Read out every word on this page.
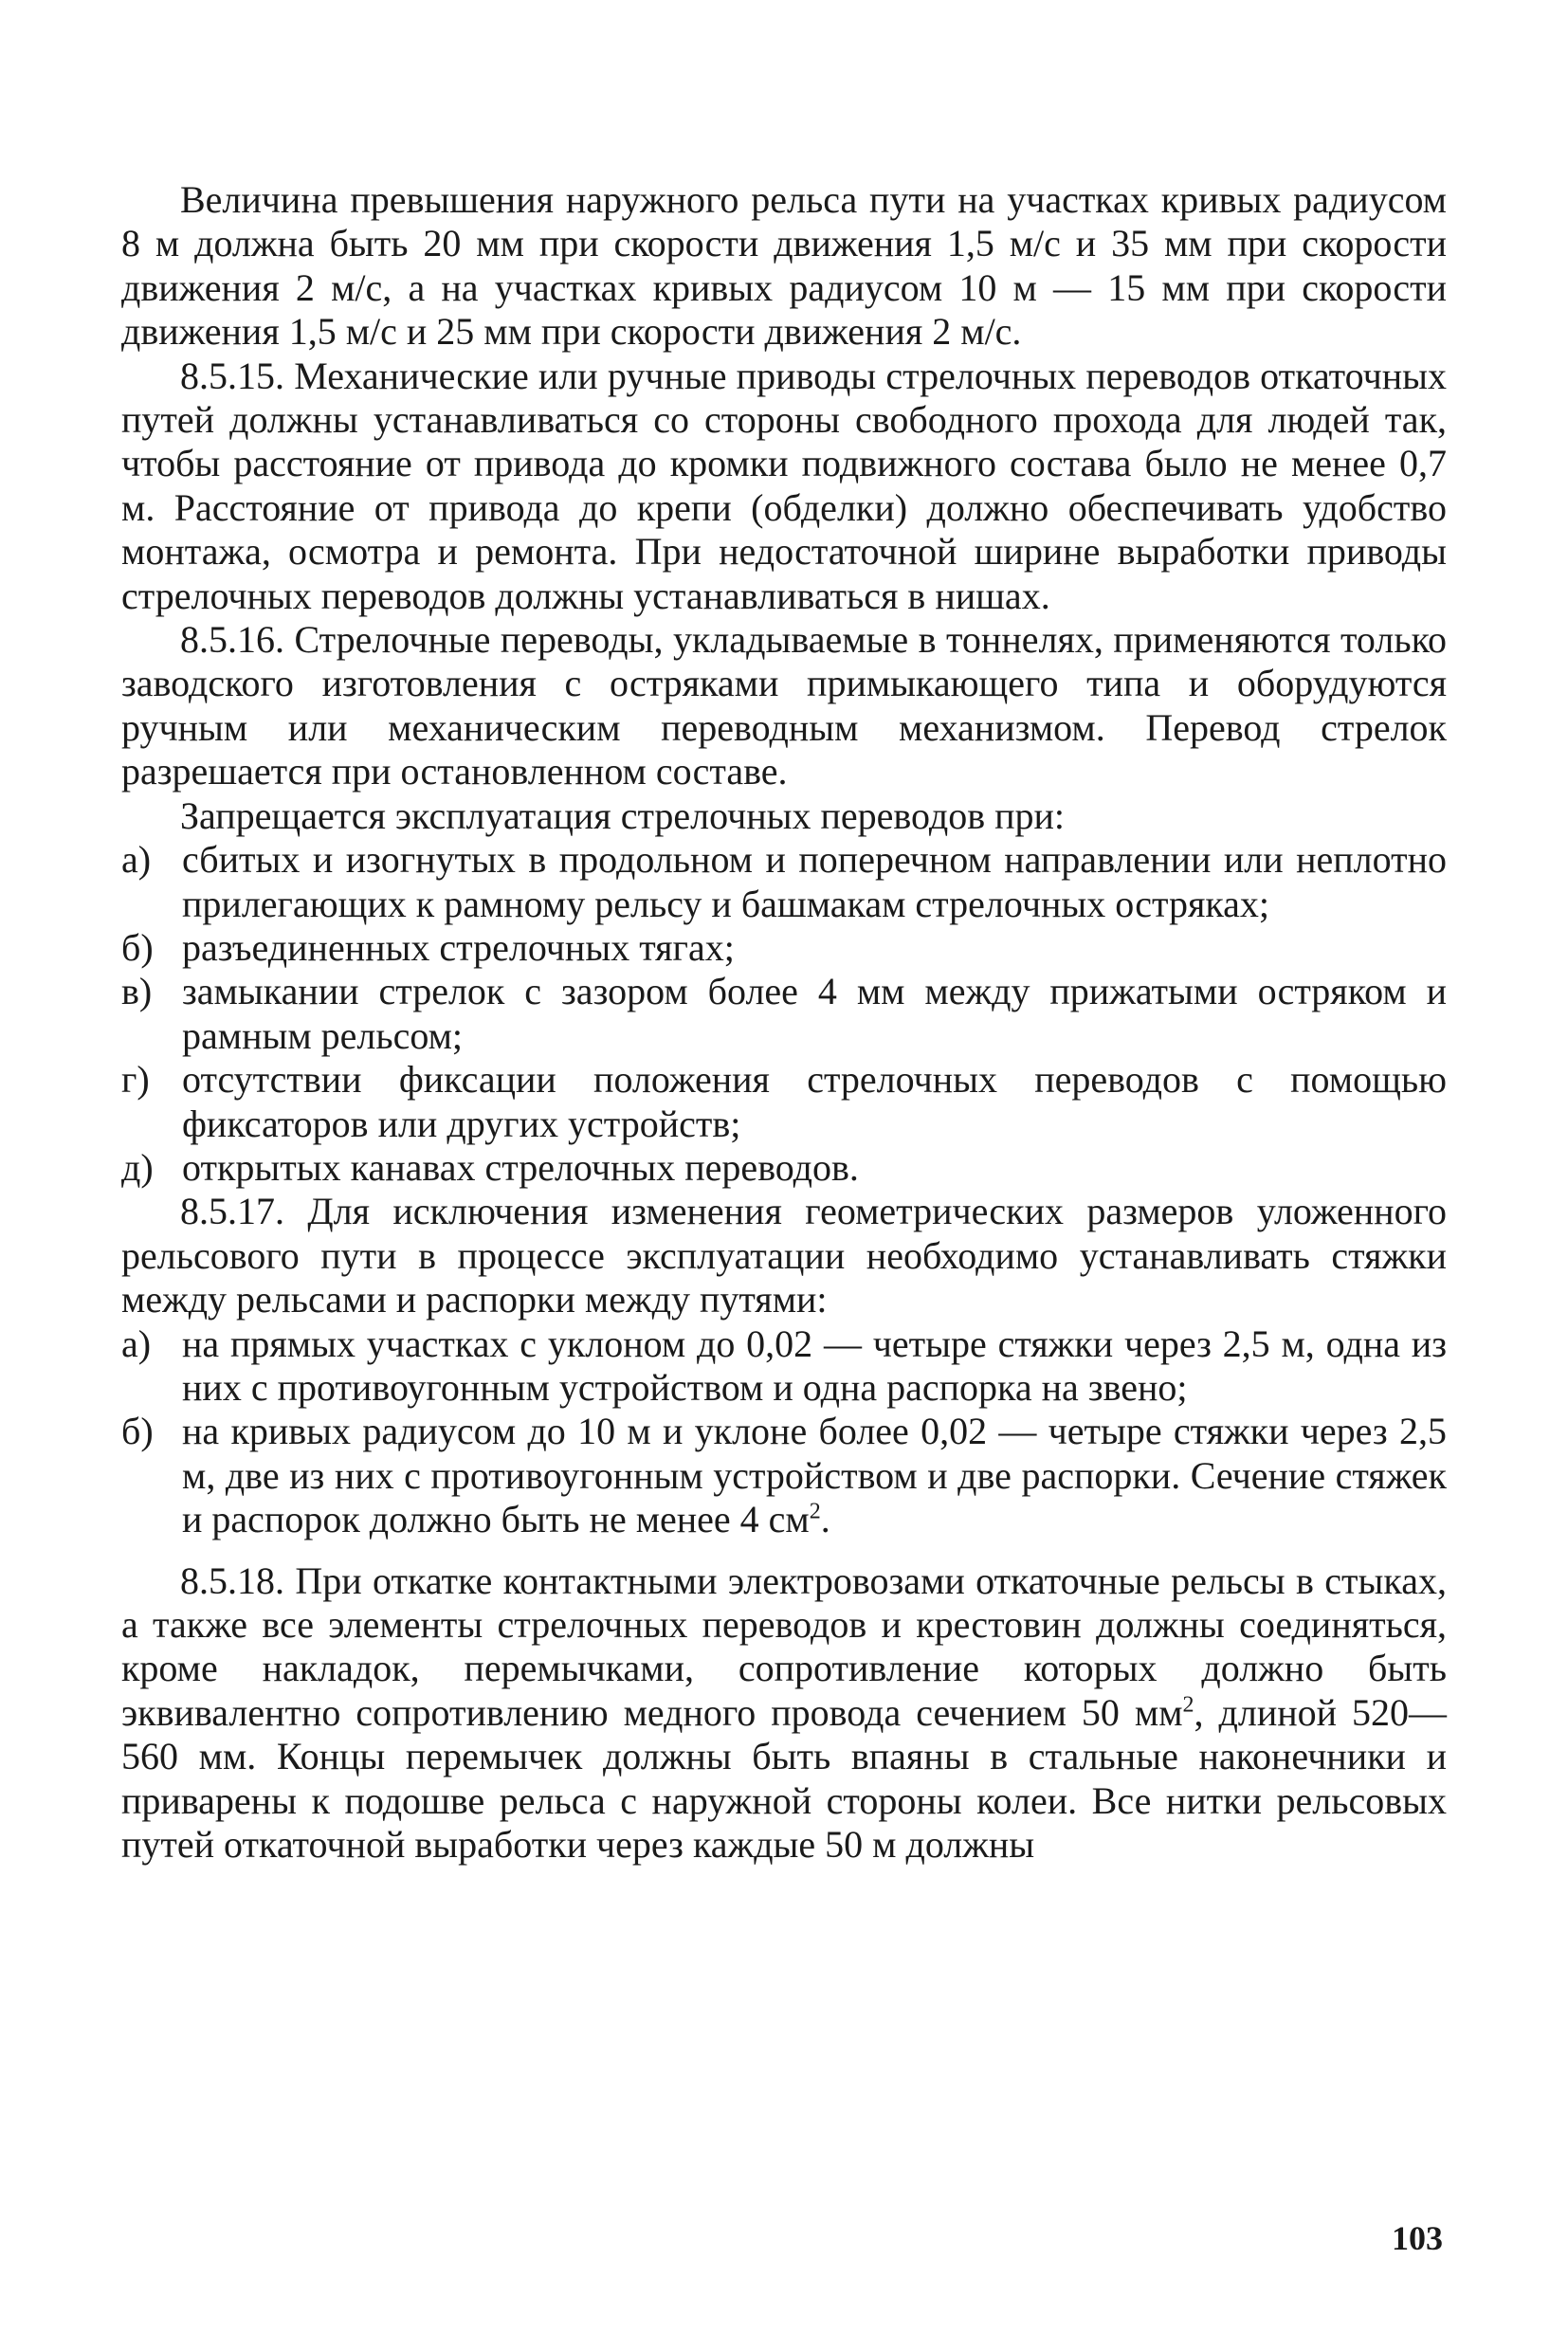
Величина превышения наружного рельса пути на участках кривых радиусом 8 м должна быть 20 мм при скорости движения 1,5 м/с и 35 мм при скорости движения 2 м/с, а на участках кривых радиусом 10 м — 15 мм при скорости движения 1,5 м/с и 25 мм при скорости движения 2 м/с.

8.5.15. Механические или ручные приводы стрелочных переводов откаточных путей должны устанавливаться со стороны свободного прохода для людей так, чтобы расстояние от привода до кромки подвижного состава было не менее 0,7 м. Расстояние от привода до крепи (обделки) должно обеспечивать удобство монтажа, осмотра и ремонта. При недостаточной ширине выработки приводы стрелочных переводов должны устанавливаться в нишах.

8.5.16. Стрелочные переводы, укладываемые в тоннелях, применяются только заводского изготовления с остряками примыкающего типа и оборудуются ручным или механическим переводным механизмом. Перевод стрелок разрешается при остановленном составе.

Запрещается эксплуатация стрелочных переводов при:

а) сбитых и изогнутых в продольном и поперечном направлении или неплотно прилегающих к рамному рельсу и башмакам стрелочных остряках;
б) разъединенных стрелочных тягах;
в) замыкании стрелок с зазором более 4 мм между прижатыми остряком и рамным рельсом;
г) отсутствии фиксации положения стрелочных переводов с помощью фиксаторов или других устройств;
д) открытых канавах стрелочных переводов.

8.5.17. Для исключения изменения геометрических размеров уложенного рельсового пути в процессе эксплуатации необходимо устанавливать стяжки между рельсами и распорки между путями:

а) на прямых участках с уклоном до 0,02 — четыре стяжки через 2,5 м, одна из них с противоугонным устройством и одна распорка на звено;
б) на кривых радиусом до 10 м и уклоне более 0,02 — четыре стяжки через 2,5 м, две из них с противоугонным устройством и две распорки. Сечение стяжек и распорок должно быть не менее 4 $см^2$.

8.5.18. При откатке контактными электровозами откаточные рельсы в стыках, а также все элементы стрелочных переводов и крестовин должны соединяться, кроме накладок, перемычками, сопротивление которых должно быть эквивалентно сопротивлению медного провода сечением 50 $мм^2$, длиной 520—560 мм. Концы перемычек должны быть впаяны в стальные наконечники и приварены к подошве рельса с наружной стороны колеи. Все нитки рельсовых путей откаточной выработки через каждые 50 м должны

103
